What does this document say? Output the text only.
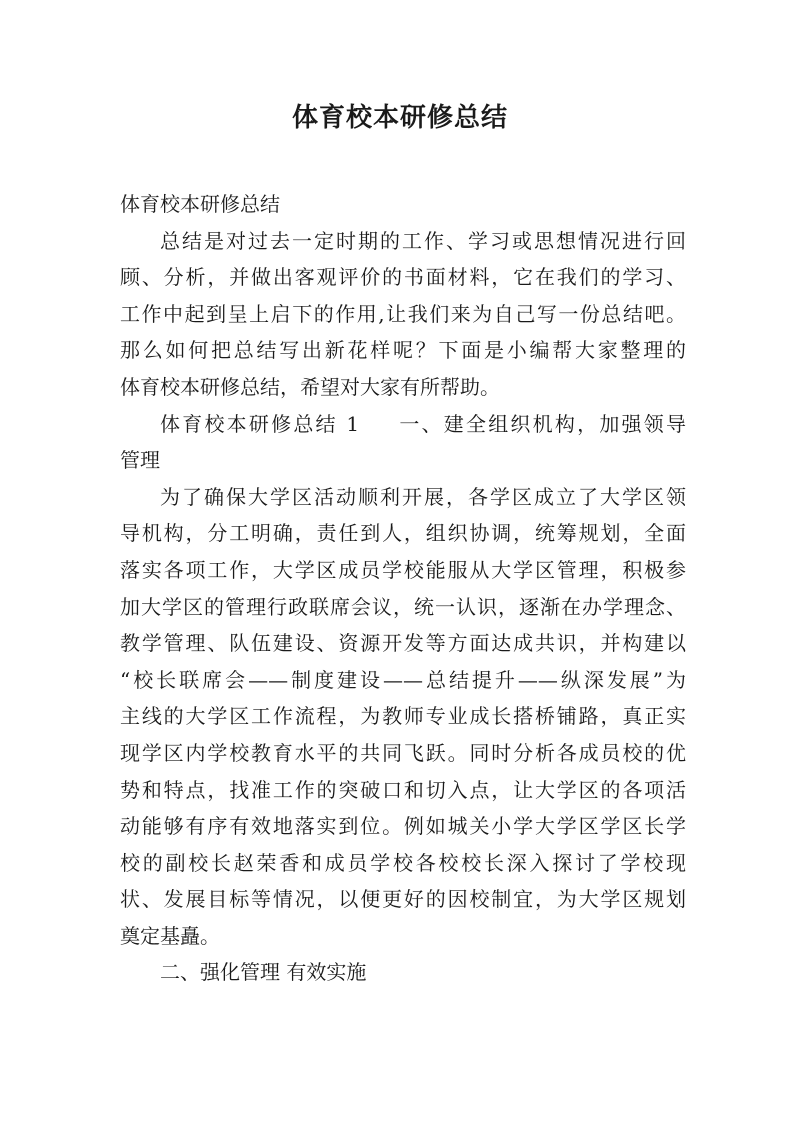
体育校本研修总结

体育校本研修总结

总结是对过去一定时期的工作、学习或思想情况进行回
顾、分析，并做出客观评价的书面材料，它在我们的学习、
工作中起到呈上启下的作用,让我们来为自己写一份总结吧。
那么如何把总结写出新花样呢？下面是小编帮大家整理的
体育校本研修总结，希望对大家有所帮助。
体育校本研修总结 1 一、建全组织机构，加强领导
管理
为了确保大学区活动顺利开展，各学区成立了大学区领
导机构，分工明确，责任到人，组织协调，统筹规划，全面
落实各项工作，大学区成员学校能服从大学区管理，积极参
加大学区的管理行政联席会议，统一认识，逐渐在办学理念、
教学管理、队伍建设、资源开发等方面达成共识，并构建以
“校长联席会——制度建设——总结提升——纵深发展”为
主线的大学区工作流程，为教师专业成长搭桥铺路，真正实
现学区内学校教育水平的共同飞跃。同时分析各成员校的优
势和特点，找准工作的突破口和切入点，让大学区的各项活
动能够有序有效地落实到位。例如城关小学大学区学区长学
校的副校长赵荣香和成员学校各校校长深入探讨了学校现
状、发展目标等情况，以便更好的因校制宜，为大学区规划
奠定基矗。

二、强化管理 有效实施
